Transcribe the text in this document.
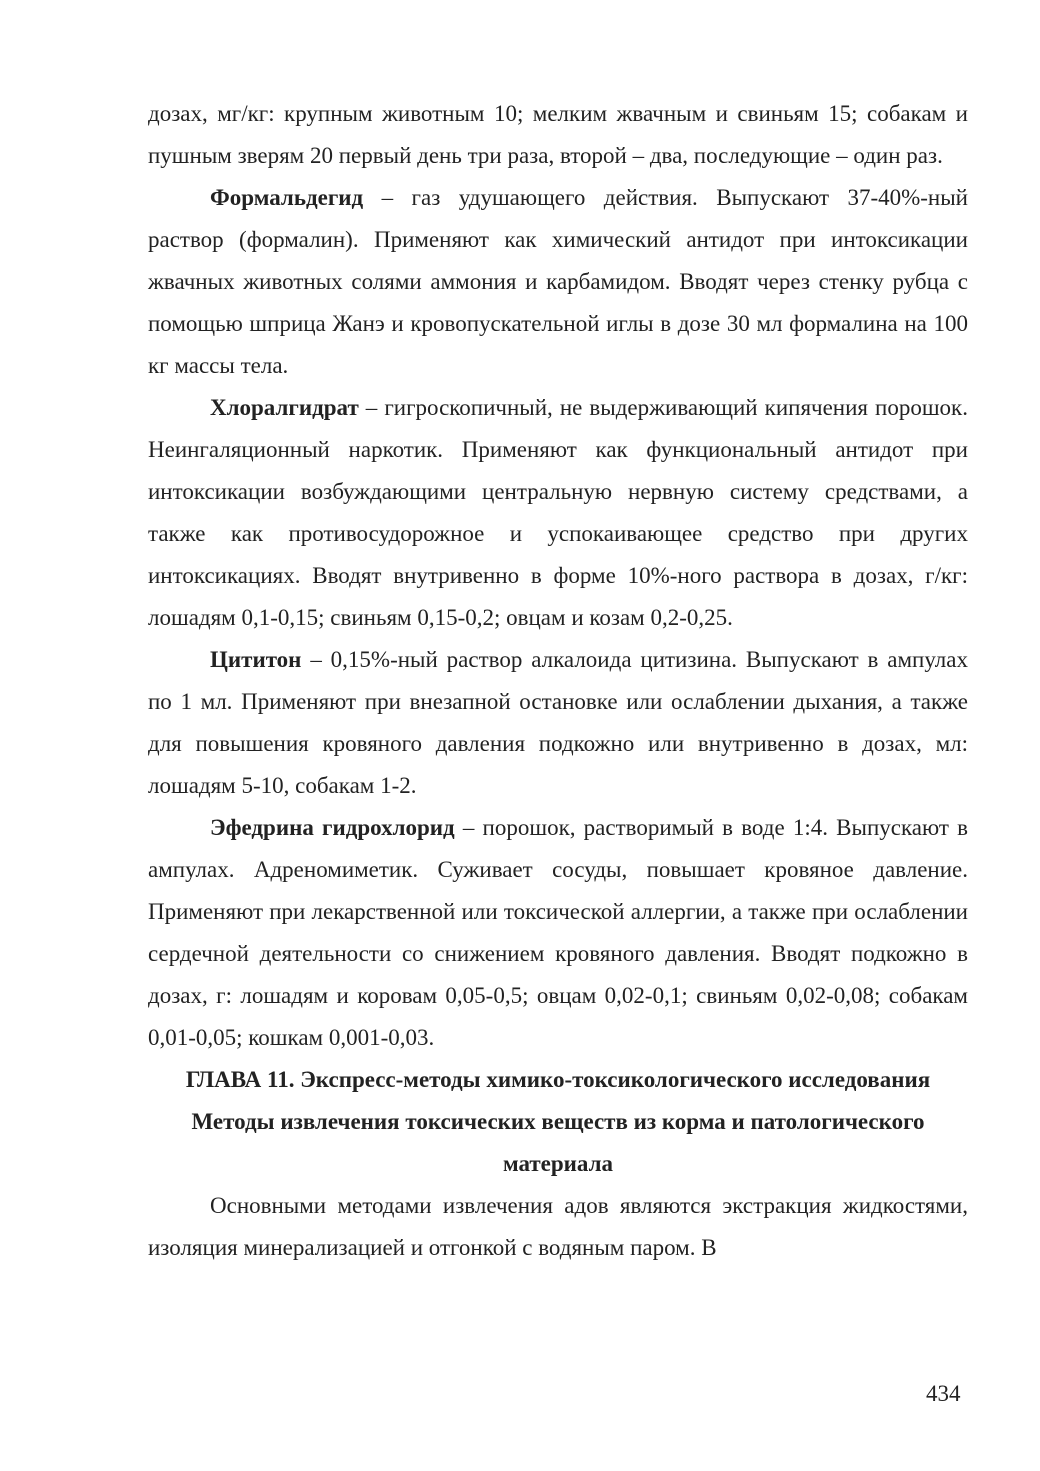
дозах, мг/кг: крупным животным 10; мелким жвачным и свиньям 15; собакам и пушным зверям 20 первый день три раза, второй – два, последующие – один раз.

Формальдегид – газ удушающего действия. Выпускают 37-40%-ный раствор (формалин). Применяют как химический антидот при интоксикации жвачных животных солями аммония и карбамидом. Вводят через стенку рубца с помощью шприца Жанэ и кровопускательной иглы в дозе 30 мл формалина на 100 кг массы тела.

Хлоралгидрат – гигроскопичный, не выдерживающий кипячения порошок. Неингаляционный наркотик. Применяют как функциональный антидот при интоксикации возбуждающими центральную нервную систему средствами, а также как противосудорожное и успокаивающее средство при других интоксикациях. Вводят внутривенно в форме 10%-ного раствора в дозах, г/кг: лошадям 0,1-0,15; свиньям 0,15-0,2; овцам и козам 0,2-0,25.

Цититон – 0,15%-ный раствор алкалоида цитизина. Выпускают в ампулах по 1 мл. Применяют при внезапной остановке или ослаблении дыхания, а также для повышения кровяного давления подкожно или внутривенно в дозах, мл: лошадям 5-10, собакам 1-2.

Эфедрина гидрохлорид – порошок, растворимый в воде 1:4. Выпускают в ампулах. Адреномиметик. Суживает сосуды, повышает кровяное давление. Применяют при лекарственной или токсической аллергии, а также при ослаблении сердечной деятельности со снижением кровяного давления. Вводят подкожно в дозах, г: лошадям и коровам 0,05-0,5; овцам 0,02-0,1; свиньям 0,02-0,08; собакам 0,01-0,05; кошкам 0,001-0,03.

ГЛАВА 11. Экспресс-методы химико-токсикологического исследования

Методы извлечения токсических веществ из корма и патологического материала

Основными методами извлечения адов являются экстракция жидкостями, изоляция минерализацией и отгонкой с водяным паром. В

434
